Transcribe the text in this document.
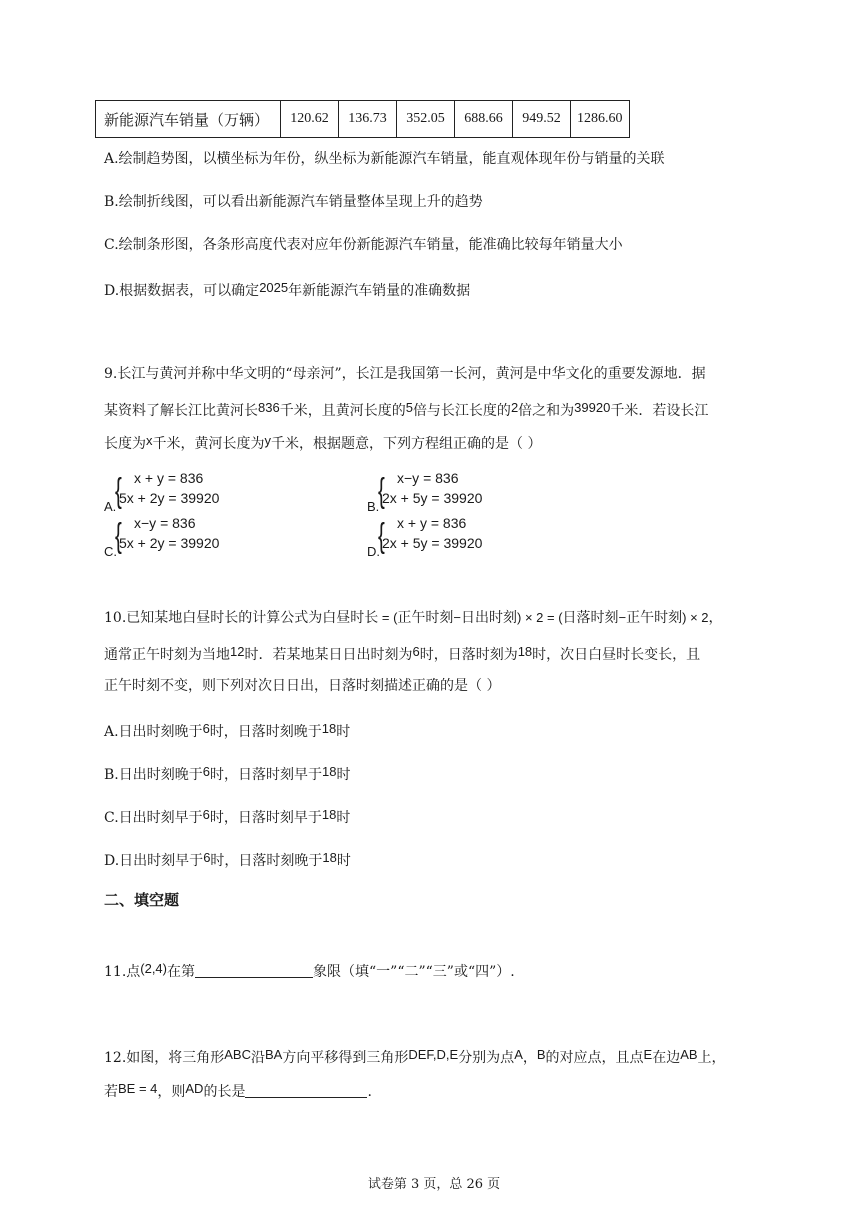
新能源汽车销量（万辆）	120.62	136.73	352.05	688.66	949.52	1286.60
A.绘制趋势图，以横坐标为年份，纵坐标为新能源汽车销量，能直观体现年份与销量的关联
B.绘制折线图，可以看出新能源汽车销量整体呈现上升的趋势
C.绘制条形图，各条形高度代表对应年份新能源汽车销量，能准确比较每年销量大小
D.根据数据表，可以确定2025年新能源汽车销量的准确数据
9.长江与黄河并称中华文明的“母亲河”，长江是我国第一长河，黄河是中华文化的重要发源地．据
某资料了解长江比黄河长836千米，且黄河长度的5倍与长江长度的2倍之和为39920千米．若设长江
长度为x千米，黄河长度为y千米，根据题意，下列方程组正确的是（ ）
A.
{ x + y = 836
5x + 2y = 39920
B.
{ x−y = 836
2x + 5y = 39920
C.
{ x−y = 836
5x + 2y = 39920
D.
{ x + y = 836
2x + 5y = 39920
10.已知某地白昼时长的计算公式为白昼时长 = (正午时刻−日出时刻) × 2 = (日落时刻−正午时刻) × 2，
通常正午时刻为当地12时．若某地某日日出时刻为6时，日落时刻为18时，次日白昼时长变长，且
正午时刻不变，则下列对次日日出，日落时刻描述正确的是（ ）
A.日出时刻晚于6时，日落时刻晚于18时
B.日出时刻晚于6时，日落时刻早于18时
C.日出时刻早于6时，日落时刻早于18时
D.日出时刻早于6时，日落时刻晚于18时
二、填空题
11.点(2,4)在第	象限（填“一”“二”“三”或“四”）.
12.如图，将三角形ABC沿BA方向平移得到三角形DEF,D,E分别为点A，B的对应点，且点E在边AB上，
若BE = 4，则AD的长是	.
试卷第 3 页，总 26 页
